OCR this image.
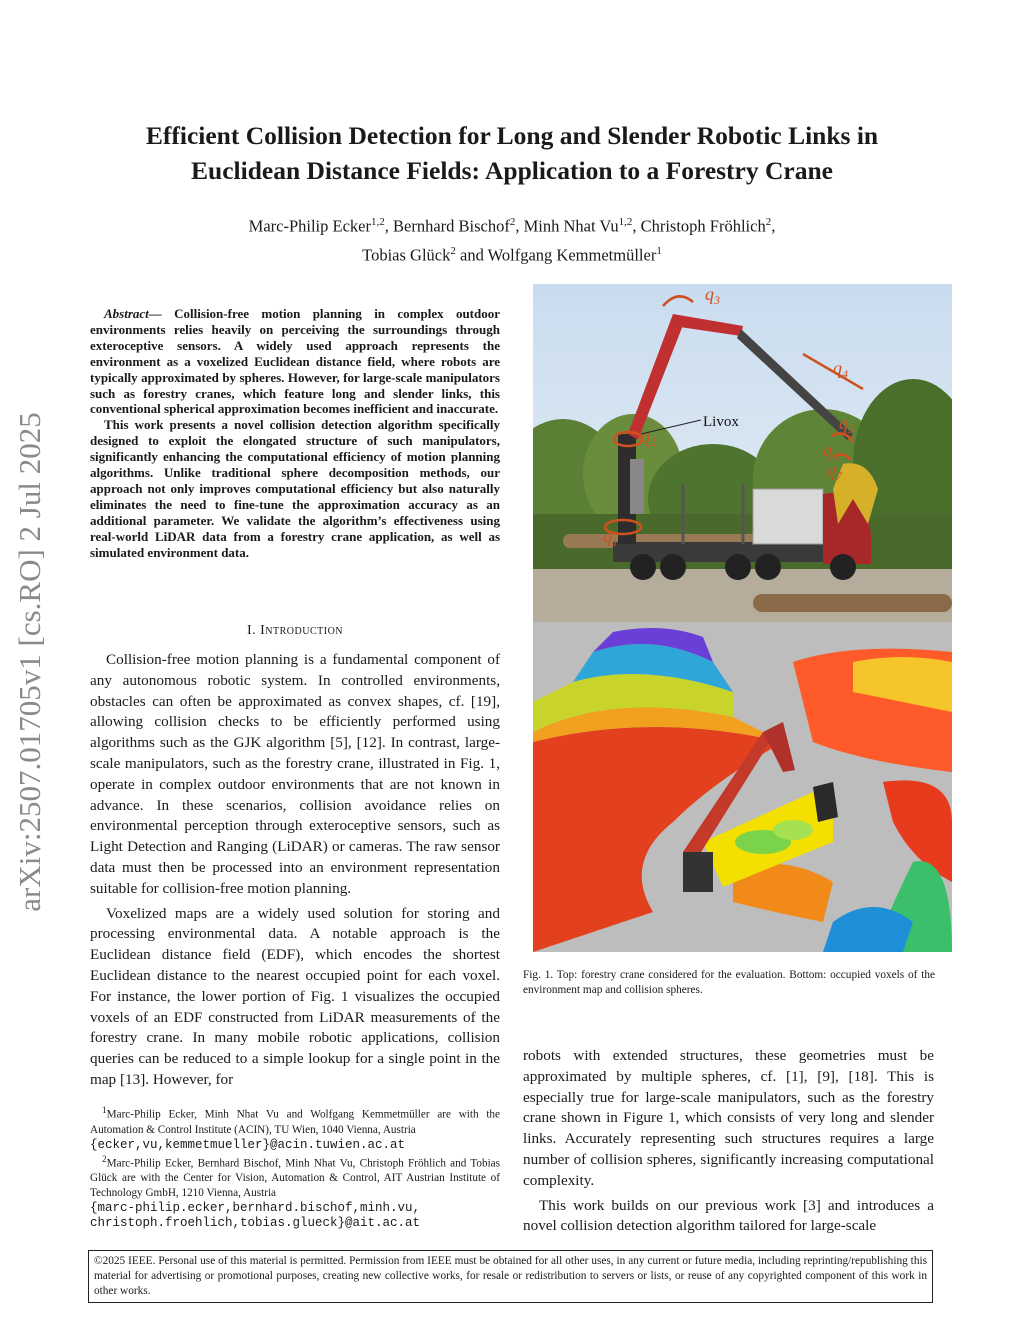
arXiv:2507.01705v1 [cs.RO] 2 Jul 2025
Efficient Collision Detection for Long and Slender Robotic Links in
Euclidean Distance Fields: Application to a Forestry Crane
Marc-Philip Ecker$^{1,2}$, Bernhard Bischof$^2$, Minh Nhat Vu$^{1,2}$, Christoph Fröhlich$^2$,
Tobias Glück$^2$ and Wolfgang Kemmetmüller$^1$

Abstract— Collision-free motion planning in complex outdoor environments relies heavily on perceiving the surroundings through exteroceptive sensors. A widely used approach represents the environment as a voxelized Euclidean distance field, where robots are typically approximated by spheres. However, for large-scale manipulators such as forestry cranes, which feature long and slender links, this conventional spherical approximation becomes inefficient and inaccurate.

This work presents a novel collision detection algorithm specifically designed to exploit the elongated structure of such manipulators, significantly enhancing the computational efficiency of motion planning algorithms. Unlike traditional sphere decomposition methods, our approach not only improves computational efficiency but also naturally eliminates the need to fine-tune the approximation accuracy as an additional parameter. We validate the algorithm’s effectiveness using real-world LiDAR data from a forestry crane application, as well as simulated environment data.

I. Introduction

Collision-free motion planning is a fundamental component of any autonomous robotic system. In controlled environments, obstacles can often be approximated as convex shapes, cf. [19], allowing collision checks to be efficiently performed using algorithms such as the GJK algorithm [5], [12]. In contrast, large-scale manipulators, such as the forestry crane, illustrated in Fig. 1, operate in complex outdoor environments that are not known in advance. In these scenarios, collision avoidance relies on environmental perception through exteroceptive sensors, such as Light Detection and Ranging (LiDAR) or cameras. The raw sensor data must then be processed into an environment representation suitable for collision-free motion planning.

Voxelized maps are a widely used solution for storing and processing environmental data. A notable approach is the Euclidean distance field (EDF), which encodes the shortest Euclidean distance to the nearest occupied point for each voxel. For instance, the lower portion of Fig. 1 visualizes the occupied voxels of an EDF constructed from LiDAR measurements of the forestry crane. In many mobile robotic applications, collision queries can be reduced to a simple lookup for a single point in the map [13]. However, for

$^1$Marc-Philip Ecker, Minh Nhat Vu and Wolfgang Kemmetmüller are with the Automation & Control Institute (ACIN), TU Wien, 1040 Vienna, Austria
{ecker,vu,kemmetmueller}@acin.tuwien.ac.at

$^2$Marc-Philip Ecker, Bernhard Bischof, Minh Nhat Vu, Christoph Fröhlich and Tobias Glück are with the Center for Vision, Automation & Control, AIT Austrian Institute of Technology GmbH, 1210 Vienna, Austria
{marc-philip.ecker,bernhard.bischof,minh.vu,
christoph.froehlich,tobias.glueck}@ait.ac.at

$q_3$
$q_4$
$q_2$
$q_5$
$q_6$
$q_7$
$q_1$
Livox
Fig. 1. Top: forestry crane considered for the evaluation. Bottom: occupied voxels of the environment map and collision spheres.

robots with extended structures, these geometries must be approximated by multiple spheres, cf. [1], [9], [18]. This is especially true for large-scale manipulators, such as the forestry crane shown in Figure 1, which consists of very long and slender links. Accurately representing such structures requires a large number of collision spheres, significantly increasing computational complexity.

This work builds on our previous work [3] and introduces a novel collision detection algorithm tailored for large-scale

©2025 IEEE. Personal use of this material is permitted. Permission from IEEE must be obtained for all other uses, in any current or future media, including reprinting/republishing this material for advertising or promotional purposes, creating new collective works, for resale or redistribution to servers or lists, or reuse of any copyrighted component of this work in other works.
